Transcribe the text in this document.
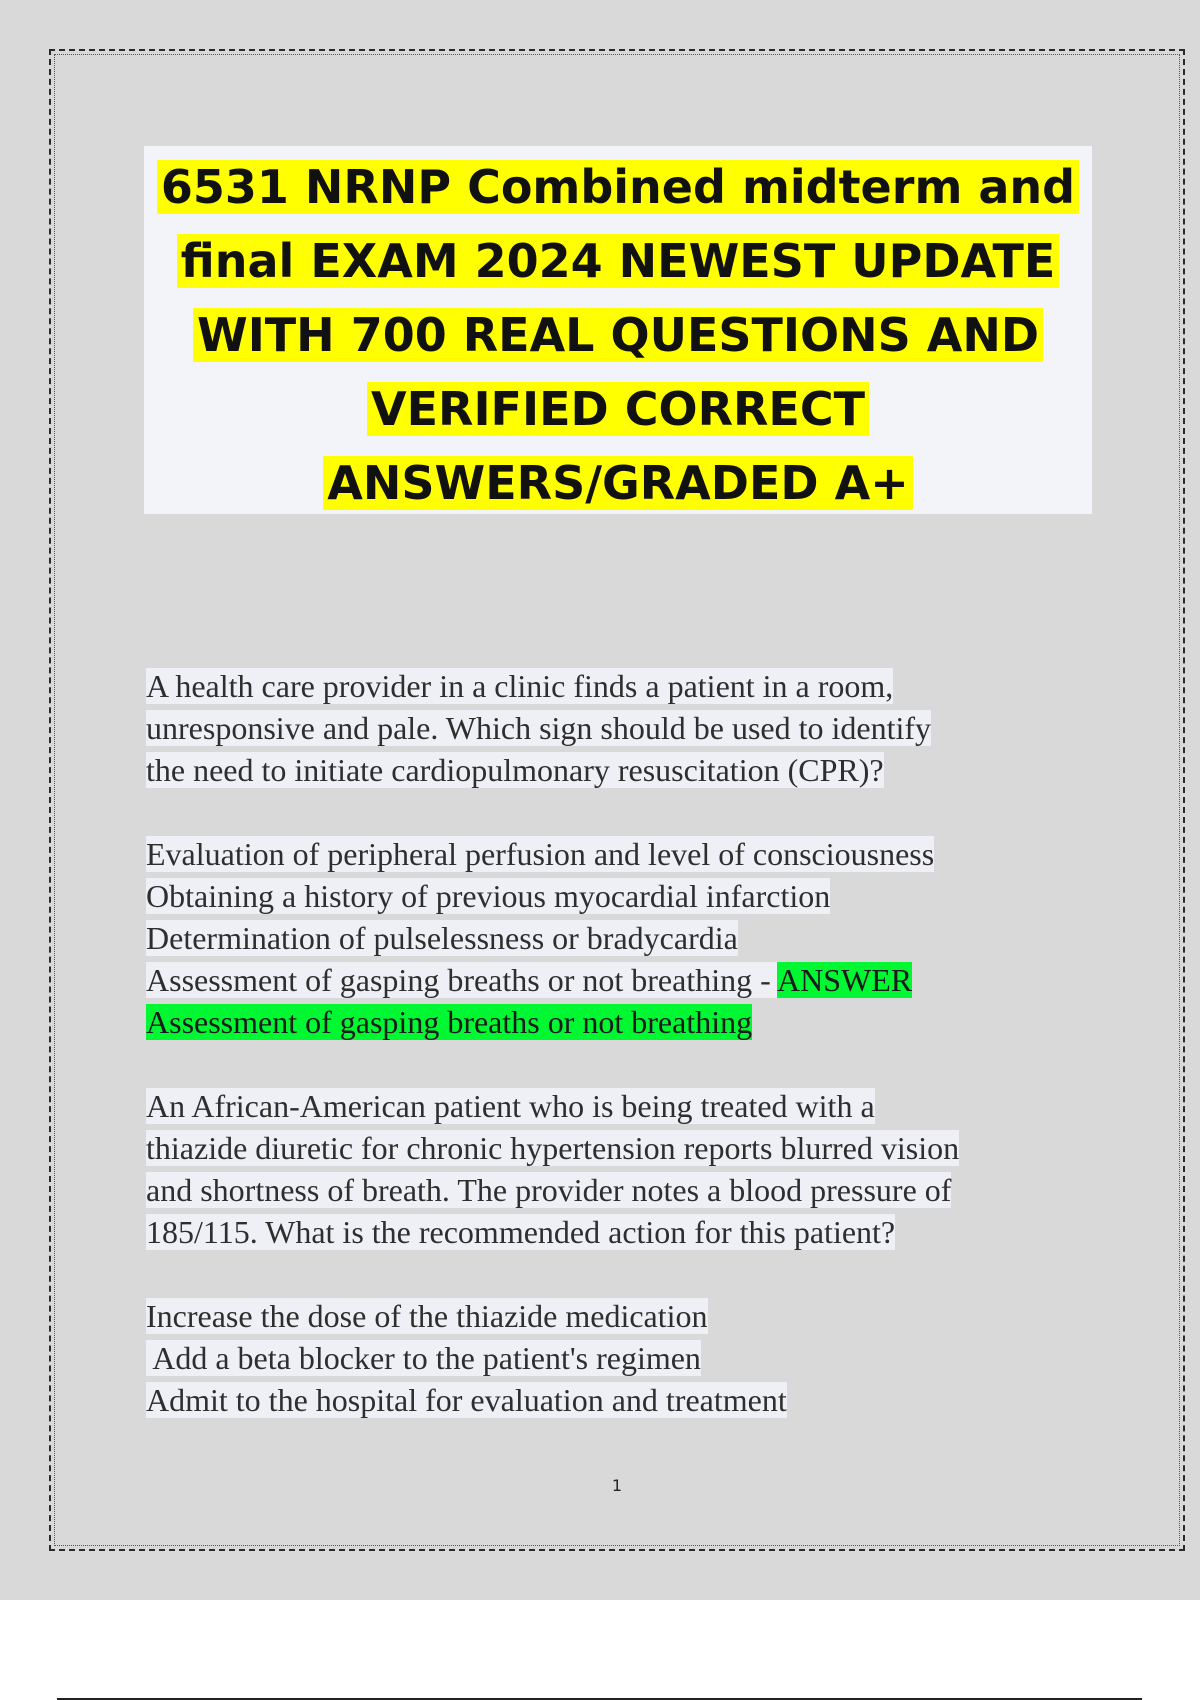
6531 NRNP Combined midterm and final EXAM 2024 NEWEST UPDATE WITH 700 REAL QUESTIONS AND VERIFIED CORRECT ANSWERS/GRADED A+
A health care provider in a clinic finds a patient in a room,
unresponsive and pale. Which sign should be used to identify
the need to initiate cardiopulmonary resuscitation (CPR)?
Evaluation of peripheral perfusion and level of consciousness
Obtaining a history of previous myocardial infarction
Determination of pulselessness or bradycardia
Assessment of gasping breaths or not breathing - ANSWER
Assessment of gasping breaths or not breathing
An African-American patient who is being treated with a
thiazide diuretic for chronic hypertension reports blurred vision
and shortness of breath. The provider notes a blood pressure of
185/115. What is the recommended action for this patient?
Increase the dose of the thiazide medication
Add a beta blocker to the patient's regimen
Admit to the hospital for evaluation and treatment
1
